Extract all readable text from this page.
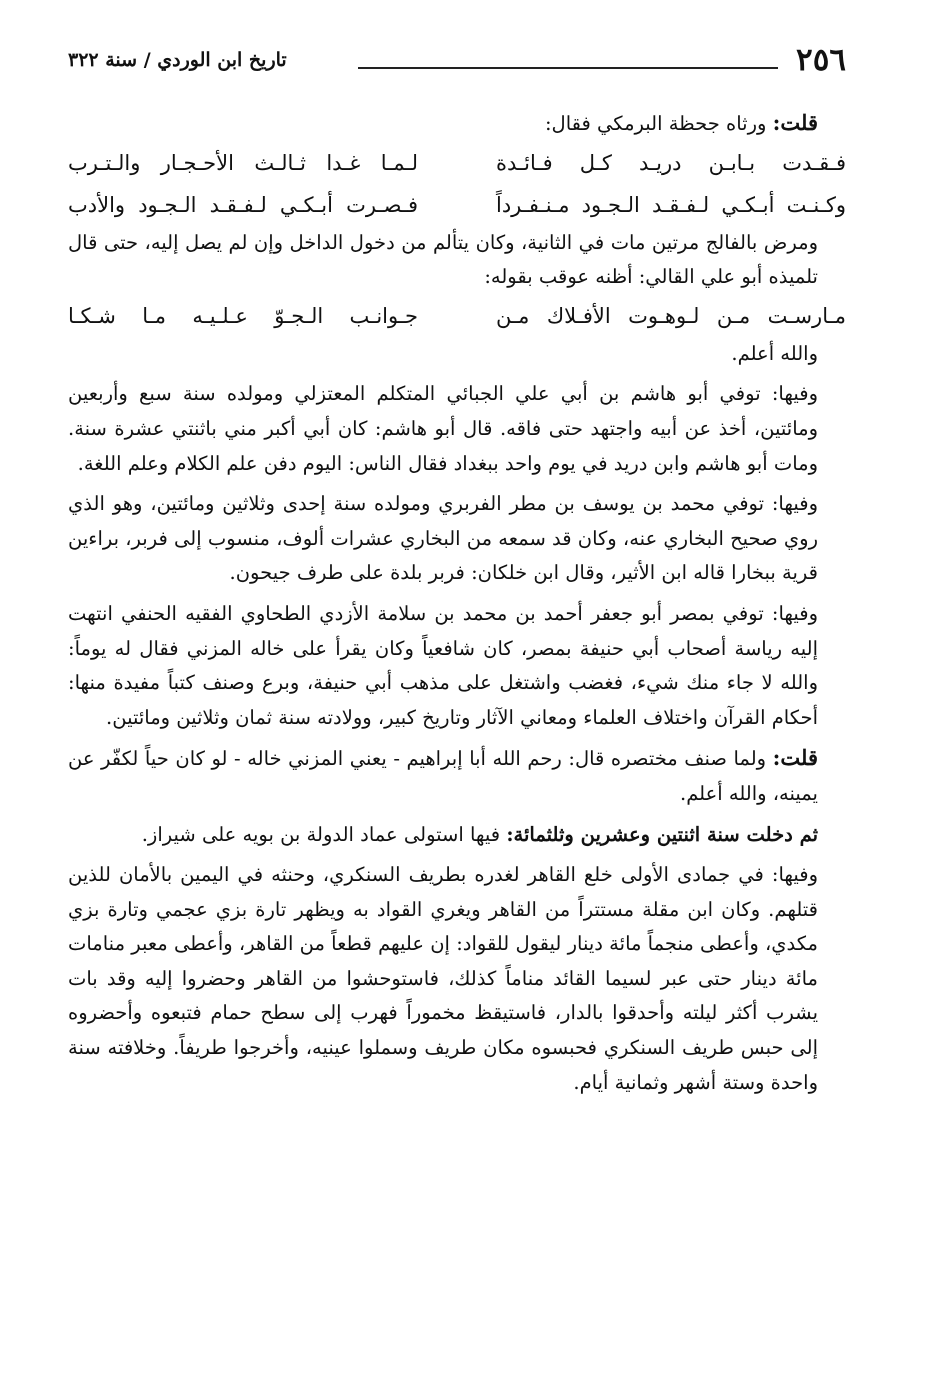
٢٥٦
تاريخ ابن الوردي / سنة ٣٢٢

قلت: ورثاه جحظة البرمكي فقال:

فـقـدت بـابـن دريـد كـل فـائـدة
لـمـا غـدا ثـالـث الأحـجـار والـتـرب
وكـنـت أبـكـي لـفـقـد الـجـود مـنـفـرداً
فـصـرت أبـكـي لـفـقـد الـجـود والأدب

ومرض بالفالج مرتين مات في الثانية، وكان يتألم من دخول الداخل وإن لم يصل إليه، حتى قال تلميذه أبو علي القالي: أظنه عوقب بقوله:

مـارسـت مـن لـوهـوت الأفـلاك مـن
جـوانـب الـجـوّ عـلـيـه مـا شـكـا

والله أعلم.

وفيها: توفي أبو هاشم بن أبي علي الجبائي المتكلم المعتزلي ومولده سنة سبع وأربعين ومائتين، أخذ عن أبيه واجتهد حتى فاقه. قال أبو هاشم: كان أبي أكبر مني باثنتي عشرة سنة. ومات أبو هاشم وابن دريد في يوم واحد ببغداد فقال الناس: اليوم دفن علم الكلام وعلم اللغة.

وفيها: توفي محمد بن يوسف بن مطر الفربري ومولده سنة إحدى وثلاثين ومائتين، وهو الذي روي صحيح البخاري عنه، وكان قد سمعه من البخاري عشرات ألوف، منسوب إلى فربر، براءين قرية ببخارا قاله ابن الأثير، وقال ابن خلكان: فربر بلدة على طرف جيحون.

وفيها: توفي بمصر أبو جعفر أحمد بن محمد بن سلامة الأزدي الطحاوي الفقيه الحنفي انتهت إليه رياسة أصحاب أبي حنيفة بمصر، كان شافعياً وكان يقرأ على خاله المزني فقال له يوماً: والله لا جاء منك شيء، فغضب واشتغل على مذهب أبي حنيفة، وبرع وصنف كتباً مفيدة منها: أحكام القرآن واختلاف العلماء ومعاني الآثار وتاريخ كبير، وولادته سنة ثمان وثلاثين ومائتين.

قلت: ولما صنف مختصره قال: رحم الله أبا إبراهيم - يعني المزني خاله - لو كان حياً لكفّر عن يمينه، والله أعلم.

ثم دخلت سنة اثنتين وعشرين وثلثمائة: فيها استولى عماد الدولة بن بويه على شيراز.

وفيها: في جمادى الأولى خلع القاهر لغدره بطريف السنكري، وحنثه في اليمين بالأمان للذين قتلهم. وكان ابن مقلة مستتراً من القاهر ويغري القواد به ويظهر تارة بزي عجمي وتارة بزي مكدي، وأعطى منجماً مائة دينار ليقول للقواد: إن عليهم قطعاً من القاهر، وأعطى معبر منامات مائة دينار حتى عبر لسيما القائد مناماً كذلك، فاستوحشوا من القاهر وحضروا إليه وقد بات يشرب أكثر ليلته وأحدقوا بالدار، فاستيقظ مخموراً فهرب إلى سطح حمام فتبعوه وأحضروه إلى حبس طريف السنكري فحبسوه مكان طريف وسملوا عينيه، وأخرجوا طريفاً. وخلافته سنة واحدة وستة أشهر وثمانية أيام.
